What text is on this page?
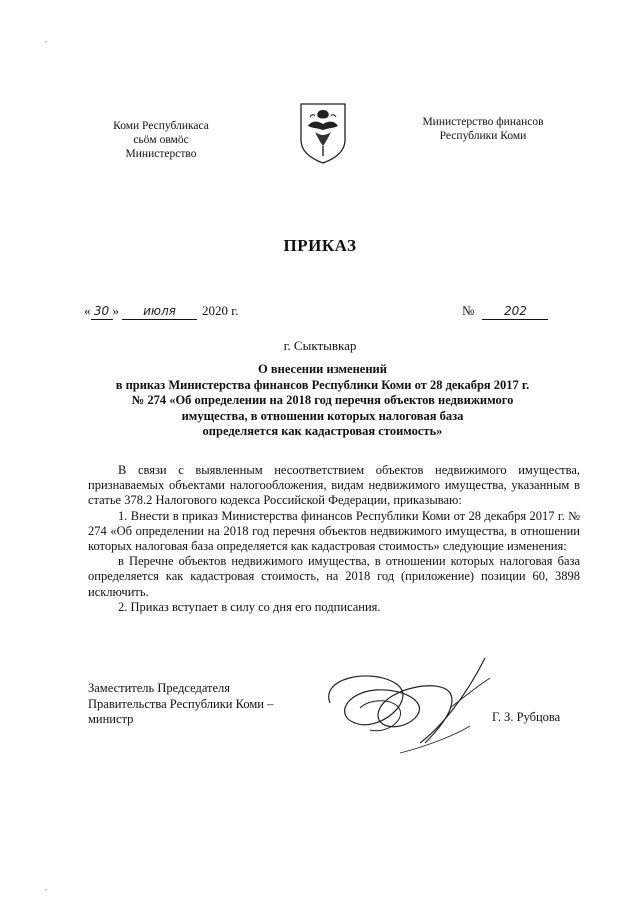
-
-
Коми Республикаса
сьӧм овмӧс
Министерство
Министерство финансов
Республики Коми
ПРИКАЗ
« 30 »	июля	2020 г.	№	202
г. Сыктывкар
О внесении изменений
в приказ Министерства финансов Республики Коми от 28 декабря 2017 г.
№ 274 «Об определении на 2018 год перечня объектов недвижимого
имущества, в отношении которых налоговая база
определяется как кадастровая стоимость»

В связи с выявленным несоответствием объектов недвижимого имущества, признаваемых объектами налогообложения, видам недвижимого имущества, указанным в статье 378.2 Налогового кодекса Российской Федерации, приказываю:

1. Внести в приказ Министерства финансов Республики Коми от 28 декабря 2017 г. № 274 «Об определении на 2018 год перечня объектов недвижимого имущества, в отношении которых налоговая база определяется как кадастровая стоимость» следующие изменения:

в Перечне объектов недвижимого имущества, в отношении которых налоговая база определяется как кадастровая стоимость, на 2018 год (приложение) позиции 60, 3898 исключить.

2. Приказ вступает в силу со дня его подписания.

Заместитель Председателя
Правительства Республики Коми –
министр	Г. З. Рубцова
